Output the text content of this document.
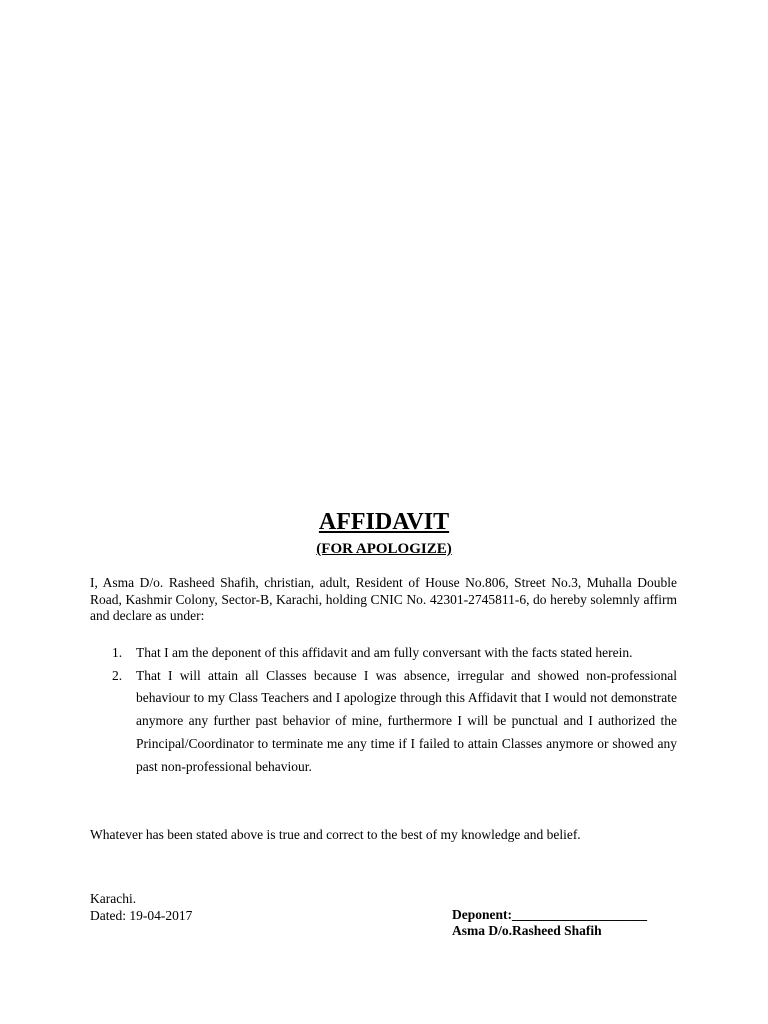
AFFIDAVIT
(FOR APOLOGIZE)

I, Asma D/o. Rasheed Shafih, christian, adult, Resident of House No.806, Street No.3, Muhalla Double Road, Kashmir Colony, Sector-B, Karachi, holding CNIC No. 42301-2745811-6, do hereby solemnly affirm and declare as under:

1. That I am the deponent of this affidavit and am fully conversant with the facts stated herein.
2. That I will attain all Classes because I was absence, irregular and showed non-professional behaviour to my Class Teachers and I apologize through this Affidavit that I would not demonstrate anymore any further past behavior of mine, furthermore I will be punctual and I authorized the Principal/Coordinator to terminate me any time if I failed to attain Classes anymore or showed any past non-professional behaviour.

Whatever has been stated above is true and correct to the best of my knowledge and belief.

Karachi.

Dated: 19-04-2017	Deponent:____________________

Asma D/o.Rasheed Shafih
